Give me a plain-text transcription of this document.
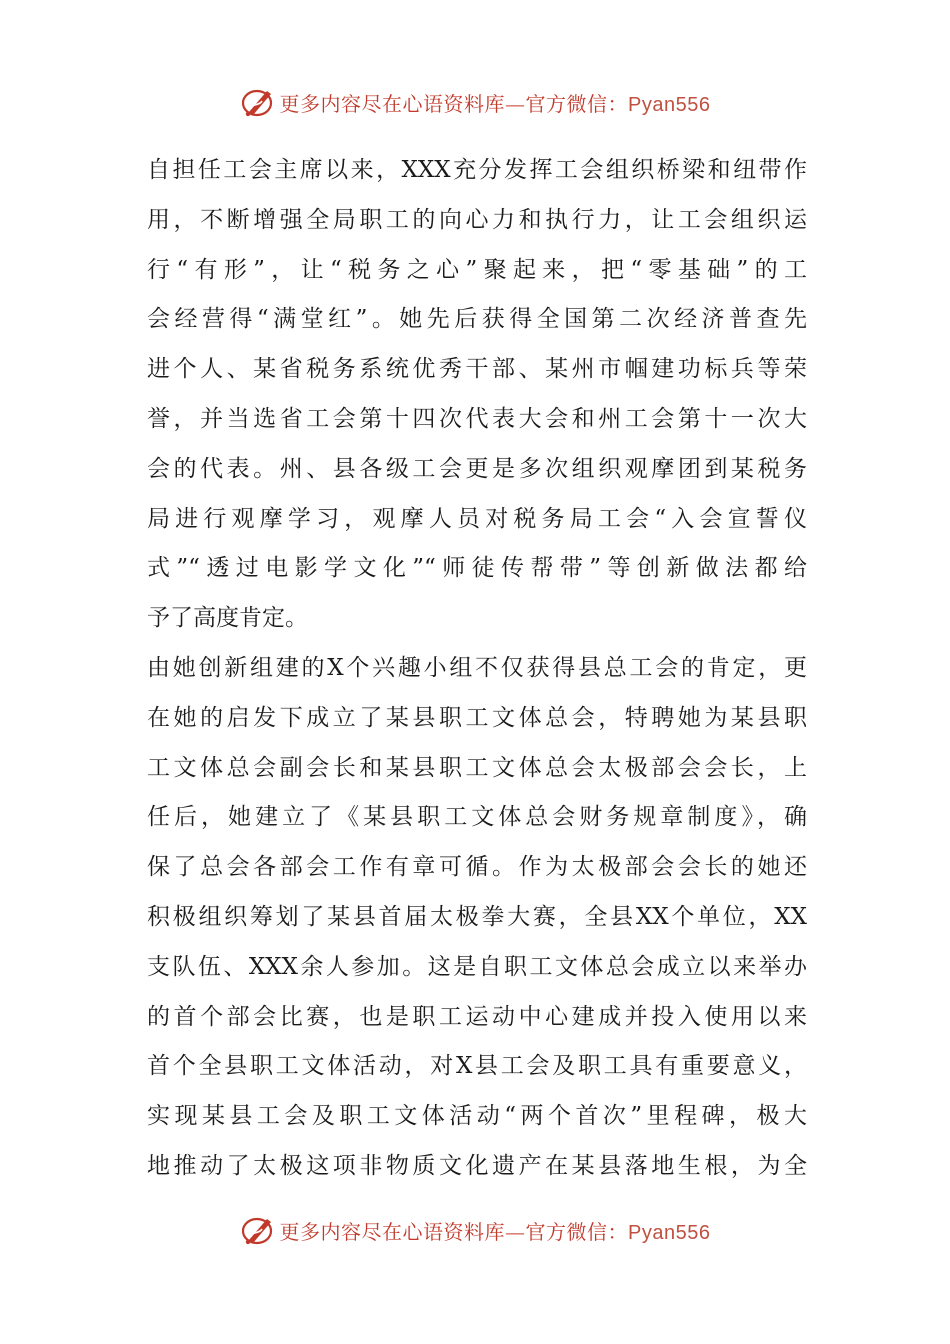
更多内容尽在心语资料库—官方微信：Pyan556
自担任工会主席以来，XXX充分发挥工会组织桥梁和纽带作
用，不断增强全局职工的向心力和执行力，让工会组织运
行“有形”，让“税务之心”聚起来，把“零基础”的工
会经营得“满堂红”。她先后获得全国第二次经济普查先
进个人、某省税务系统优秀干部、某州市帼建功标兵等荣
誉，并当选省工会第十四次代表大会和州工会第十一次大
会的代表。州、县各级工会更是多次组织观摩团到某税务
局进行观摩学习，观摩人员对税务局工会“入会宣誓仪
式”“透过电影学文化”“师徒传帮带”等创新做法都给
予了高度肯定。
由她创新组建的X个兴趣小组不仅获得县总工会的肯定，更
在她的启发下成立了某县职工文体总会，特聘她为某县职
工文体总会副会长和某县职工文体总会太极部会会长，上
任后，她建立了《某县职工文体总会财务规章制度》，确
保了总会各部会工作有章可循。作为太极部会会长的她还
积极组织筹划了某县首届太极拳大赛，全县XX个单位，XX
支队伍、XXX余人参加。这是自职工文体总会成立以来举办
的首个部会比赛，也是职工运动中心建成并投入使用以来
首个全县职工文体活动，对X县工会及职工具有重要意义，
实现某县工会及职工文体活动“两个首次”里程碑，极大
地推动了太极这项非物质文化遗产在某县落地生根，为全
更多内容尽在心语资料库—官方微信：Pyan556
